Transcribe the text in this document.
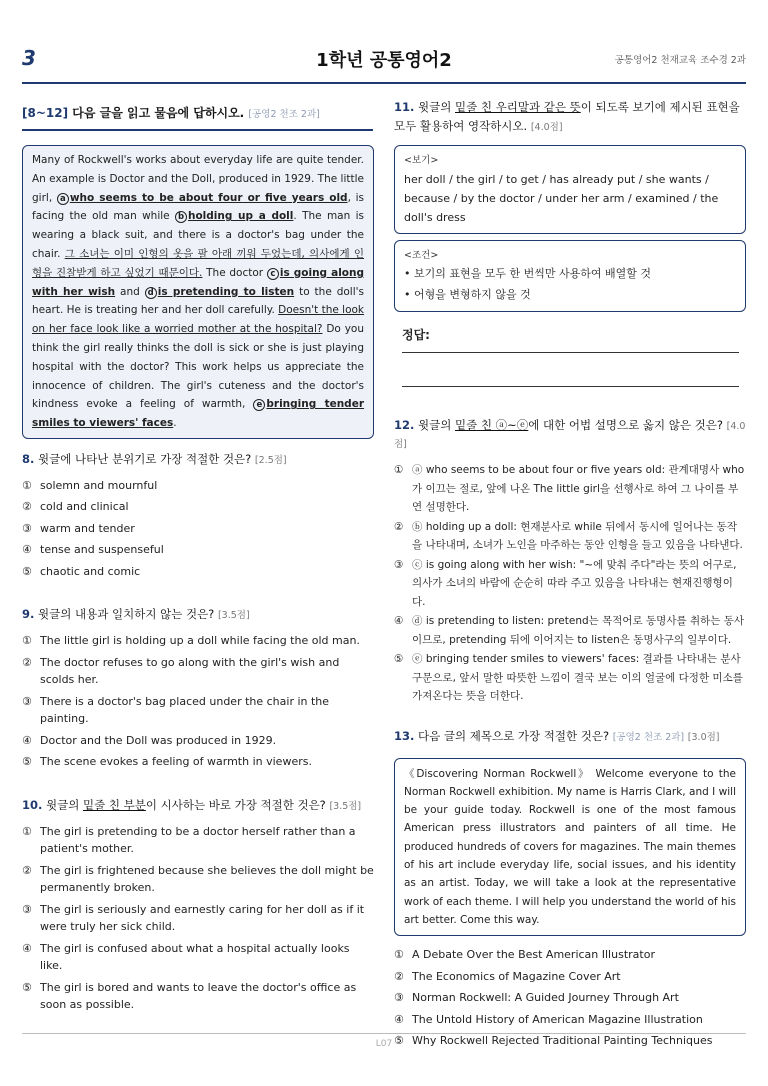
3	1학년 공통영어2	공통영어2 천재교육 조수경 2과
[8~12] 다음 글을 읽고 물음에 답하시오. [공영2 천조 2과]
Many of Rockwell's works about everyday life are quite tender. An example is Doctor and the Doll, produced in 1929. The little girl, a who seems to be about four or five years old, is facing the old man while b holding up a doll. The man is wearing a black suit, and there is a doctor's bag under the chair. 그 소녀는 이미 인형의 옷을 팔 아래 끼워 두었는데, 의사에게 인형을 진찰받게 하고 싶었기 때문이다. The doctor c is going along with her wish and d is pretending to listen to the doll's heart. He is treating her and her doll carefully. Doesn't the look on her face look like a worried mother at the hospital? Do you think the girl really thinks the doll is sick or she is just playing hospital with the doctor? This work helps us appreciate the innocence of children. The girl's cuteness and the doctor's kindness evoke a feeling of warmth, e bringing tender smiles to viewers' faces.
8. 윗글에 나타난 분위기로 가장 적절한 것은? [2.5점]
① solemn and mournful
② cold and clinical
③ warm and tender
④ tense and suspenseful
⑤ chaotic and comic
9. 윗글의 내용과 일치하지 않는 것은? [3.5점]
① The little girl is holding up a doll while facing the old man.
② The doctor refuses to go along with the girl's wish and scolds her.
③ There is a doctor's bag placed under the chair in the painting.
④ Doctor and the Doll was produced in 1929.
⑤ The scene evokes a feeling of warmth in viewers.
10. 윗글의 밑줄 친 부분이 시사하는 바로 가장 적절한 것은? [3.5점]
① The girl is pretending to be a doctor herself rather than a patient's mother.
② The girl is frightened because she believes the doll might be permanently broken.
③ The girl is seriously and earnestly caring for her doll as if it were truly her sick child.
④ The girl is confused about what a hospital actually looks like.
⑤ The girl is bored and wants to leave the doctor's office as soon as possible.
11. 윗글의 밑줄 친 우리말과 같은 뜻이 되도록 보기에 제시된 표현을 모두 활용하여 영작하시오. [4.0점]
<보기>
her doll / the girl / to get / has already put / she wants / because / by the doctor / under her arm / examined / the doll's dress
<조건>
• 보기의 표현을 모두 한 번씩만 사용하여 배열할 것
• 어형을 변형하지 않을 것
정답:
12. 윗글의 밑줄 친 ⓐ~ⓔ에 대한 어법 설명으로 옳지 않은 것은? [4.0점]
① ⓐ who seems to be about four or five years old: 관계대명사 who가 이끄는 절로, 앞에 나온 The little girl을 선행사로 하여 그 나이를 부연 설명한다.
② ⓑ holding up a doll: 현재분사로 while 뒤에서 동시에 일어나는 동작을 나타내며, 소녀가 노인을 마주하는 동안 인형을 들고 있음을 나타낸다.
③ ⓒ is going along with her wish: "~에 맞춰 주다"라는 뜻의 어구로, 의사가 소녀의 바람에 순순히 따라 주고 있음을 나타내는 현재진행형이다.
④ ⓓ is pretending to listen: pretend는 목적어로 동명사를 취하는 동사이므로, pretending 뒤에 이어지는 to listen은 동명사구의 일부이다.
⑤ ⓔ bringing tender smiles to viewers' faces: 결과를 나타내는 분사구문으로, 앞서 말한 따뜻한 느낌이 결국 보는 이의 얼굴에 다정한 미소를 가져온다는 뜻을 더한다.
13. 다음 글의 제목으로 가장 적절한 것은? [공영2 천조 2과] [3.0점]
《Discovering Norman Rockwell》 Welcome everyone to the Norman Rockwell exhibition. My name is Harris Clark, and I will be your guide today. Rockwell is one of the most famous American press illustrators and painters of all time. He produced hundreds of covers for magazines. The main themes of his art include everyday life, social issues, and his identity as an artist. Today, we will take a look at the representative work of each theme. I will help you understand the world of his art better. Come this way.
① A Debate Over the Best American Illustrator
② The Economics of Magazine Cover Art
③ Norman Rockwell: A Guided Journey Through Art
④ The Untold History of American Magazine Illustration
⑤ Why Rockwell Rejected Traditional Painting Techniques
L07
